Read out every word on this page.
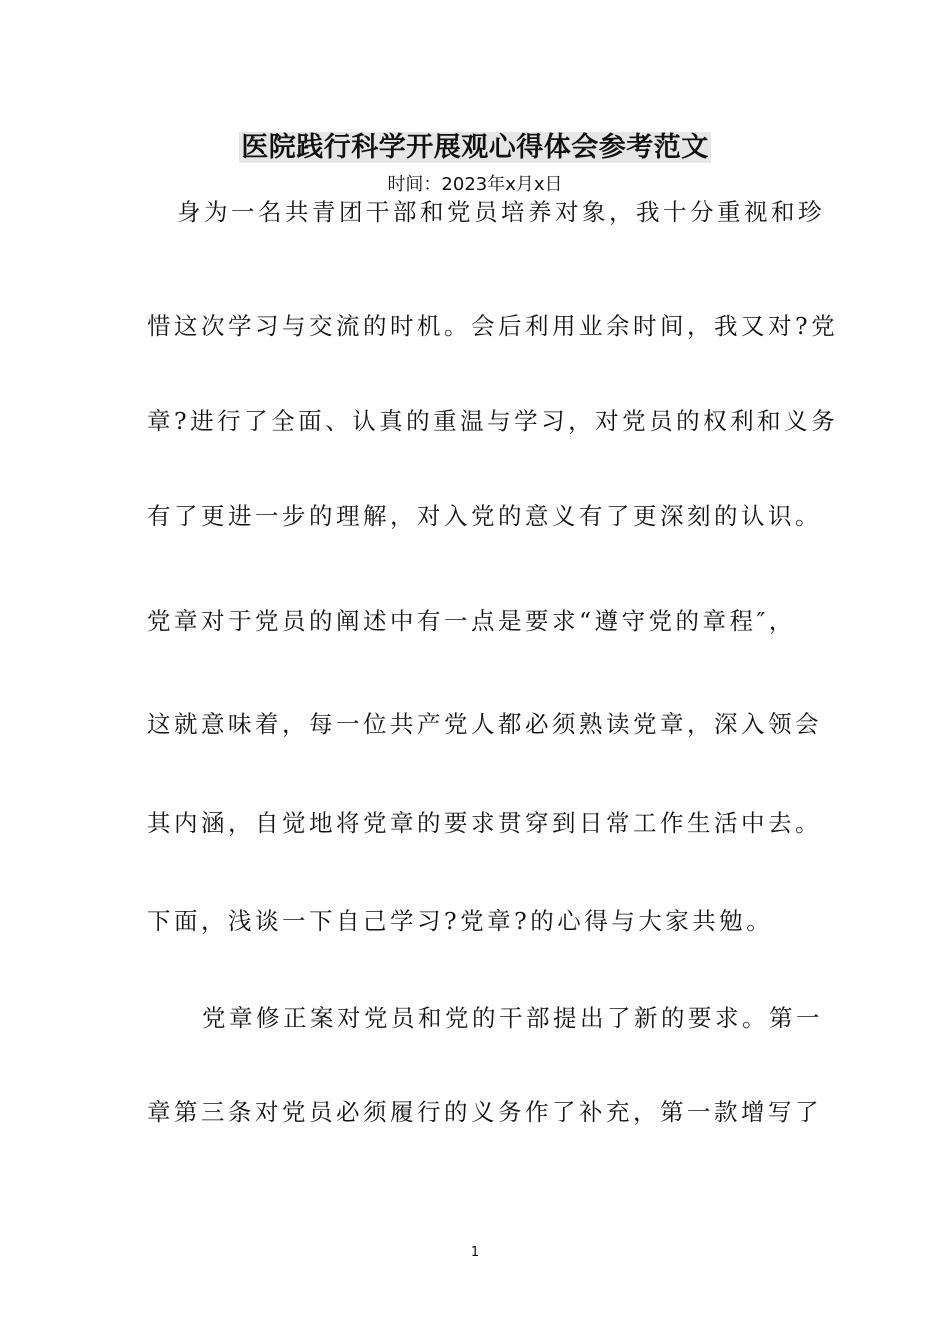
医院践行科学开展观心得体会参考范文
时间：2023年x月x日
身为一名共青团干部和党员培养对象，我十分重视和珍
惜这次学习与交流的时机。会后利用业余时间，我又对?党
章?进行了全面、认真的重温与学习，对党员的权利和义务
有了更进一步的理解，对入党的意义有了更深刻的认识。
党章对于党员的阐述中有一点是要求“遵守党的章程″，
这就意味着，每一位共产党人都必须熟读党章，深入领会
其内涵，自觉地将党章的要求贯穿到日常工作生活中去。
下面，浅谈一下自己学习?党章?的心得与大家共勉。
党章修正案对党员和党的干部提出了新的要求。第一
章第三条对党员必须履行的义务作了补充，第一款增写了
1
